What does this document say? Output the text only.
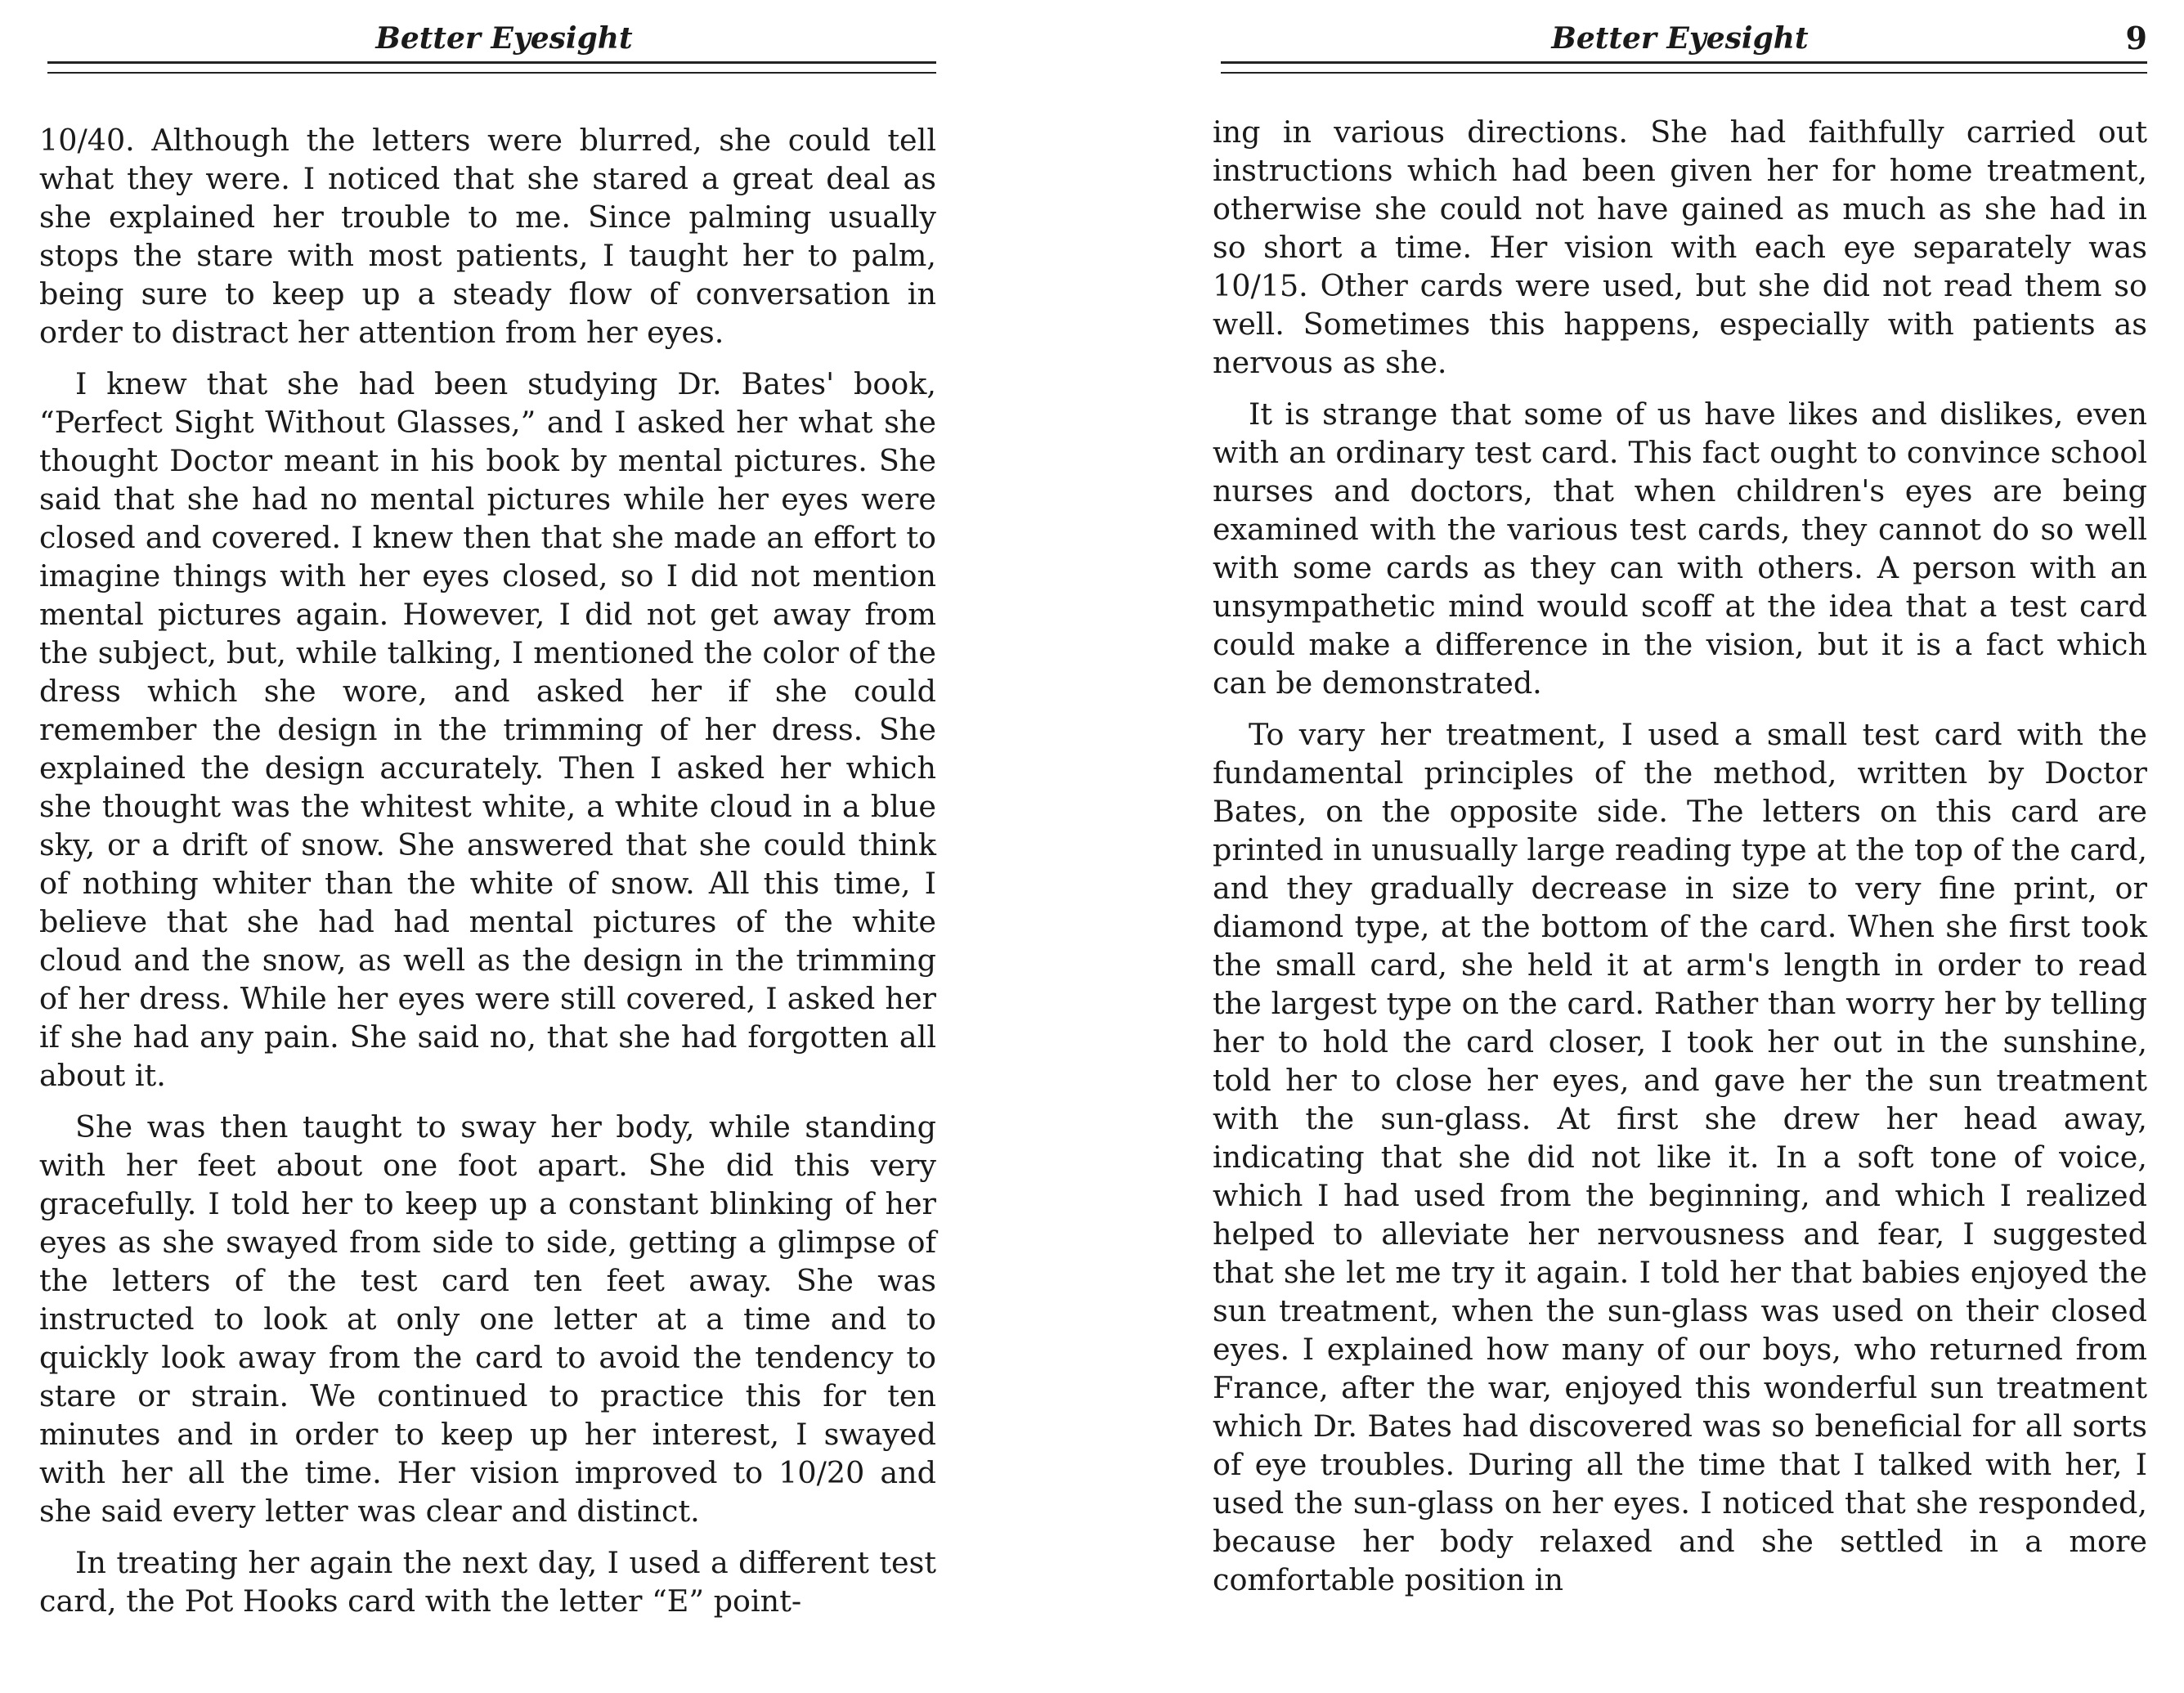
Better Eyesight

10/40. Although the letters were blurred, she could tell what they were. I noticed that she stared a great deal as she explained her trouble to me. Since palming usually stops the stare with most patients, I taught her to palm, being sure to keep up a steady flow of conversation in order to distract her attention from her eyes.

I knew that she had been studying Dr. Bates' book, “Perfect Sight Without Glasses,” and I asked her what she thought Doctor meant in his book by mental pictures. She said that she had no mental pictures while her eyes were closed and covered. I knew then that she made an effort to imagine things with her eyes closed, so I did not mention mental pictures again. However, I did not get away from the subject, but, while talking, I mentioned the color of the dress which she wore, and asked her if she could remember the design in the trimming of her dress. She explained the design accurately. Then I asked her which she thought was the whitest white, a white cloud in a blue sky, or a drift of snow. She answered that she could think of nothing whiter than the white of snow. All this time, I believe that she had had mental pictures of the white cloud and the snow, as well as the design in the trimming of her dress. While her eyes were still covered, I asked her if she had any pain. She said no, that she had forgotten all about it.

She was then taught to sway her body, while standing with her feet about one foot apart. She did this very gracefully. I told her to keep up a constant blinking of her eyes as she swayed from side to side, getting a glimpse of the letters of the test card ten feet away. She was instructed to look at only one letter at a time and to quickly look away from the card to avoid the tendency to stare or strain. We continued to practice this for ten minutes and in order to keep up her interest, I swayed with her all the time. Her vision improved to 10/20 and she said every letter was clear and distinct.

In treating her again the next day, I used a different test card, the Pot Hooks card with the letter “E” point-

Better Eyesight	9

ing in various directions. She had faithfully carried out instructions which had been given her for home treatment, otherwise she could not have gained as much as she had in so short a time. Her vision with each eye separately was 10/15. Other cards were used, but she did not read them so well. Sometimes this happens, especially with patients as nervous as she.

It is strange that some of us have likes and dislikes, even with an ordinary test card. This fact ought to convince school nurses and doctors, that when children's eyes are being examined with the various test cards, they cannot do so well with some cards as they can with others. A person with an unsympathetic mind would scoff at the idea that a test card could make a difference in the vision, but it is a fact which can be demonstrated.

To vary her treatment, I used a small test card with the fundamental principles of the method, written by Doctor Bates, on the opposite side. The letters on this card are printed in unusually large reading type at the top of the card, and they gradually decrease in size to very fine print, or diamond type, at the bottom of the card. When she first took the small card, she held it at arm's length in order to read the largest type on the card. Rather than worry her by telling her to hold the card closer, I took her out in the sunshine, told her to close her eyes, and gave her the sun treatment with the sun-glass. At first she drew her head away, indicating that she did not like it. In a soft tone of voice, which I had used from the beginning, and which I realized helped to alleviate her nervousness and fear, I suggested that she let me try it again. I told her that babies enjoyed the sun treatment, when the sun-glass was used on their closed eyes. I explained how many of our boys, who returned from France, after the war, enjoyed this wonderful sun treatment which Dr. Bates had discovered was so beneficial for all sorts of eye troubles. During all the time that I talked with her, I used the sun-glass on her eyes. I noticed that she responded, because her body relaxed and she settled in a more comfortable position in
